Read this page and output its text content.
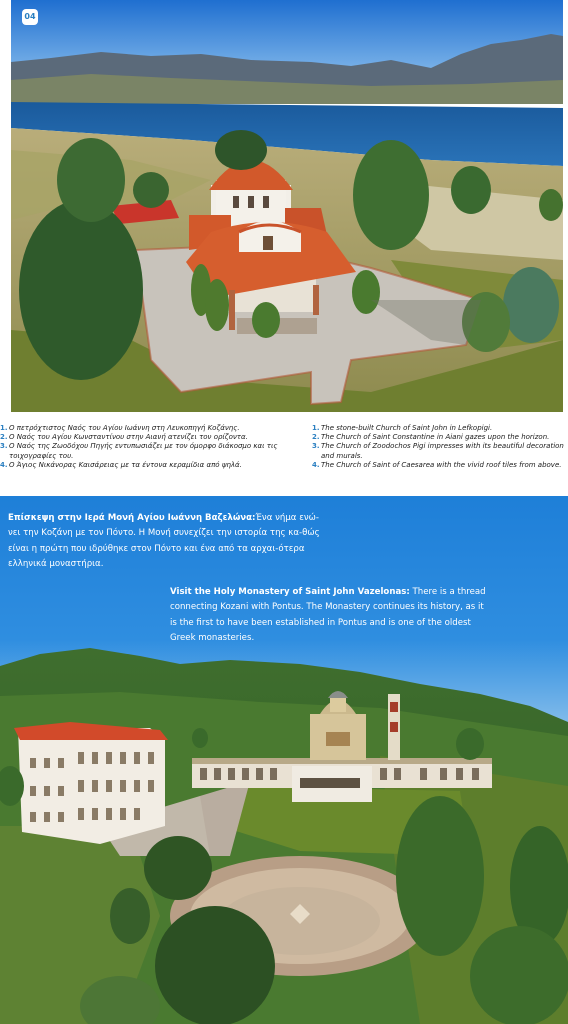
04
1. Ο πετρόχτιστος Ναός του Αγίου Ιωάννη στη Λευκοπηγή Κοζάνης.
2. Ο Ναός του Αγίου Κωνσταντίνου στην Αιανή ατενίζει τον ορίζοντα.
3. Ο Ναός της Ζωοδόχου Πηγής εντυπωσιάζει με τον όμορφο διάκοσμο και τις τοιχογραφίες του.
4. Ο Άγιος Νικάνορας Καισάρειας με τα έντονα κεραμίδια από ψηλά.
1. The stone-built Church of Saint John in Lefkopigi.
2. The Church of Saint Constantine in Aiani gazes upon the horizon.
3. The Church of Zoodochos Pigi impresses with its beautiful decoration and murals.
4. The Church of Saint of Caesarea with the vivid roof tiles from above.

Επίσκεψη στην Ιερά Μονή Αγίου Ιωάννη Βαζελώνα:Ένα νήμα ενώ-νει την Κοζάνη με τον Πόντο. Η Μονή συνεχίζει την ιστορία της κα-θώς είναι η πρώτη που ιδρύθηκε στον Πόντο και ένα από τα αρχαι-ότερα ελληνικά μοναστήρια.

Visit the Holy Monastery of Saint John Vazelonas: There is a thread connecting Kozani with Pontus. The Monastery continues its history, as it is the first to have been established in Pontus and is one of the oldest Greek monasteries.
